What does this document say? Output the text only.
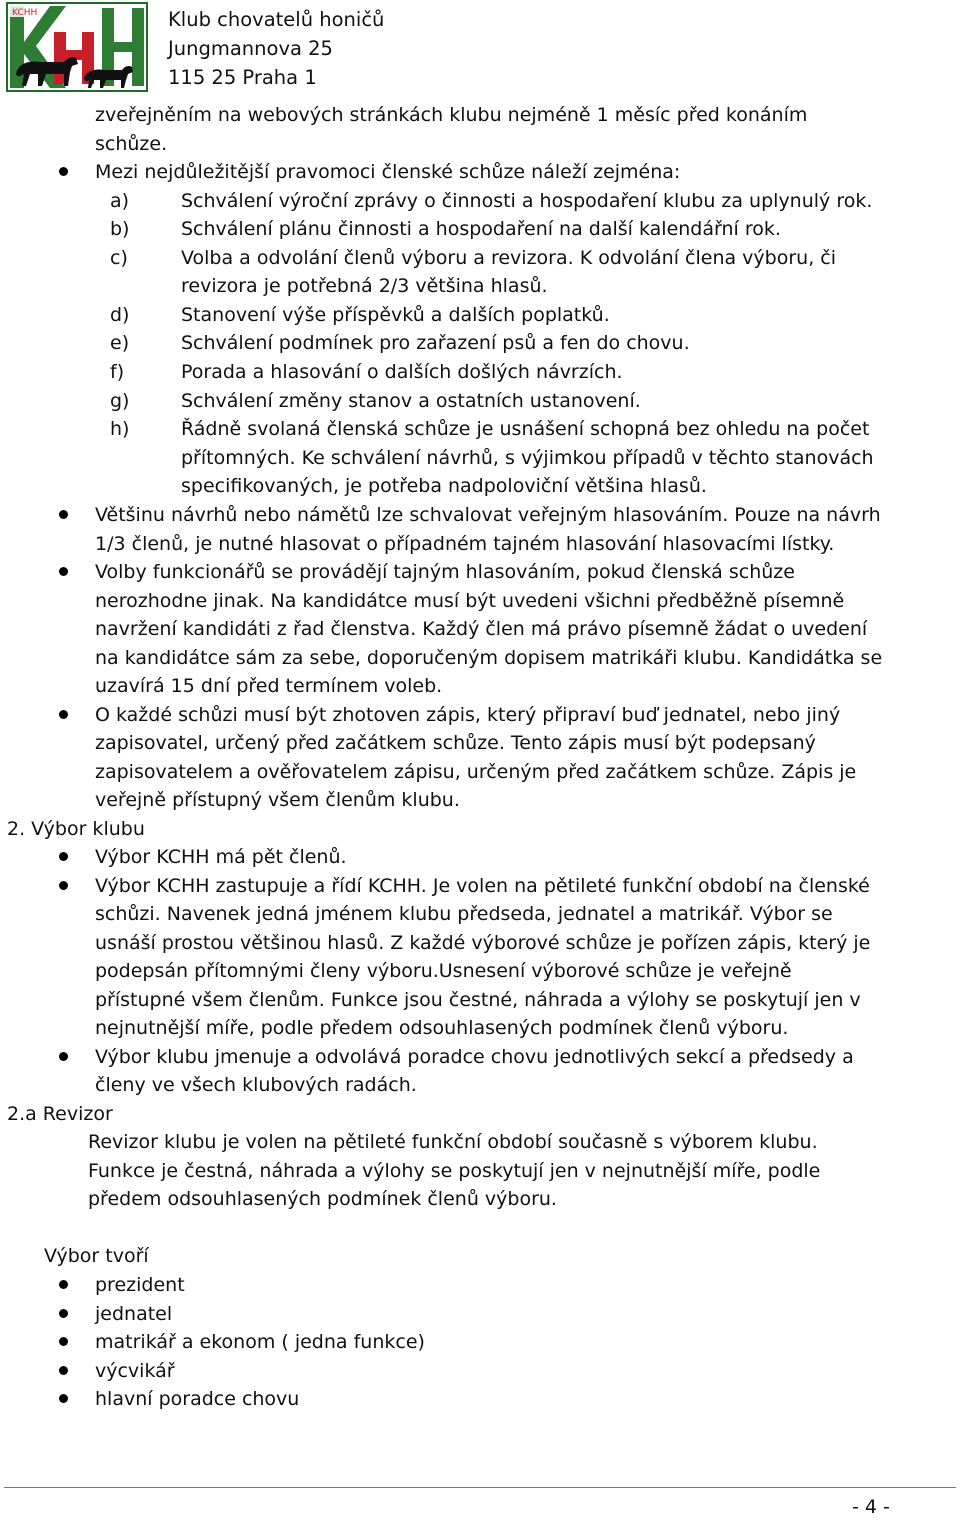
KCHH	Klub chovatelů honičů
Jungmannova 25
115 25 Praha 1
zveřejněním na webových stránkách klubu nejméně 1 měsíc před konáním
schůze.
Mezi nejdůležitější pravomoci členské schůze náleží zejména:
a)	Schválení výroční zprávy o činnosti a hospodaření klubu za uplynulý rok.
b)	Schválení plánu činnosti a hospodaření na další kalendářní rok.
c)	Volba a odvolání členů výboru a revizora. K odvolání člena výboru, či
revizora je potřebná 2/3 většina hlasů.
d)	Stanovení výše příspěvků a dalších poplatků.
e)	Schválení podmínek pro zařazení psů a fen do chovu.
f)	Porada a hlasování o dalších došlých návrzích.
g)	Schválení změny stanov a ostatních ustanovení.
h)	Řádně svolaná členská schůze je usnášení schopná bez ohledu na počet
přítomných. Ke schválení návrhů, s výjimkou případů v těchto stanovách
specifikovaných, je potřeba nadpoloviční většina hlasů.
Většinu návrhů nebo námětů lze schvalovat veřejným hlasováním. Pouze na návrh
1/3 členů, je nutné hlasovat o případném tajném hlasování hlasovacími lístky.
Volby funkcionářů se provádějí tajným hlasováním, pokud členská schůze
nerozhodne jinak. Na kandidátce musí být uvedeni všichni předběžně písemně
navržení kandidáti z řad členstva. Každý člen má právo písemně žádat o uvedení
na kandidátce sám za sebe, doporučeným dopisem matrikáři klubu. Kandidátka se
uzavírá 15 dní před termínem voleb.
O každé schůzi musí být zhotoven zápis, který připraví buď jednatel, nebo jiný
zapisovatel, určený před začátkem schůze. Tento zápis musí být podepsaný
zapisovatelem a ověřovatelem zápisu, určeným před začátkem schůze. Zápis je
veřejně přístupný všem členům klubu.
2. Výbor klubu
Výbor KCHH má pět členů.
Výbor KCHH zastupuje a řídí KCHH. Je volen na pětileté funkční období na členské
schůzi. Navenek jedná jménem klubu předseda, jednatel a matrikář. Výbor se
usnáší prostou většinou hlasů. Z každé výborové schůze je pořízen zápis, který je
podepsán přítomnými členy výboru.Usnesení výborové schůze je veřejně
přístupné všem členům. Funkce jsou čestné, náhrada a výlohy se poskytují jen v
nejnutnější míře, podle předem odsouhlasených podmínek členů výboru.
Výbor klubu jmenuje a odvolává poradce chovu jednotlivých sekcí a předsedy a
členy ve všech klubových radách.
2.a Revizor
Revizor klubu je volen na pětileté funkční období současně s výborem klubu.
Funkce je čestná, náhrada a výlohy se poskytují jen v nejnutnější míře, podle
předem odsouhlasených podmínek členů výboru.
Výbor tvoří
prezident
jednatel
matrikář a ekonom ( jedna funkce)
výcvikář
hlavní poradce chovu
- 4 -
